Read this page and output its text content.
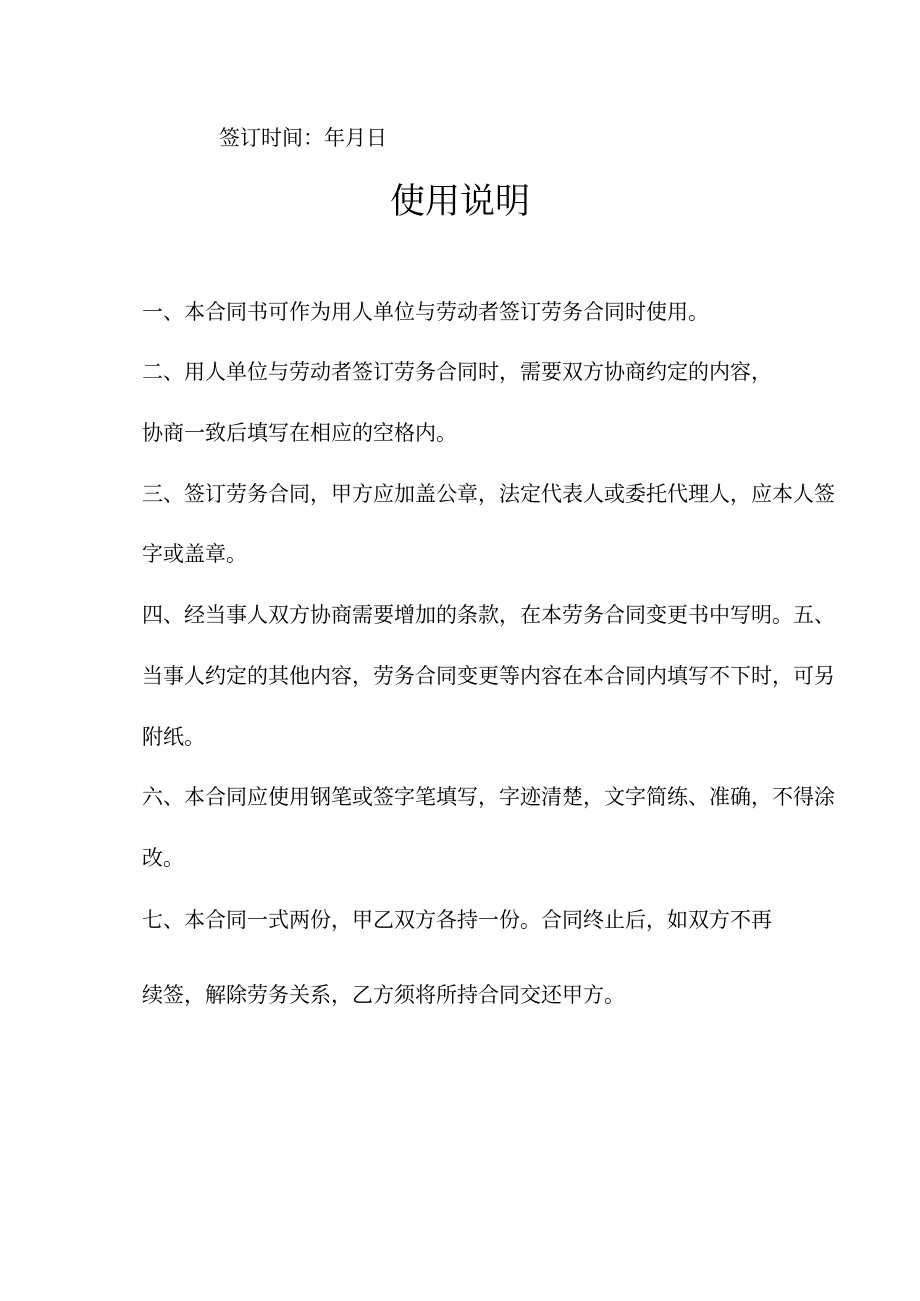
签订时间：年月日
使用说明

一、本合同书可作为用人单位与劳动者签订劳务合同时使用。

二、用人单位与劳动者签订劳务合同时，需要双方协商约定的内容，

协商一致后填写在相应的空格内。

三、签订劳务合同，甲方应加盖公章，法定代表人或委托代理人，应本人签

字或盖章。

四、经当事人双方协商需要增加的条款，在本劳务合同变更书中写明。五、

当事人约定的其他内容，劳务合同变更等内容在本合同内填写不下时，可另

附纸。

六、本合同应使用钢笔或签字笔填写，字迹清楚，文字简练、准确，不得涂

改。

七、本合同一式两份，甲乙双方各持一份。合同终止后，如双方不再

续签，解除劳务关系，乙方须将所持合同交还甲方。
